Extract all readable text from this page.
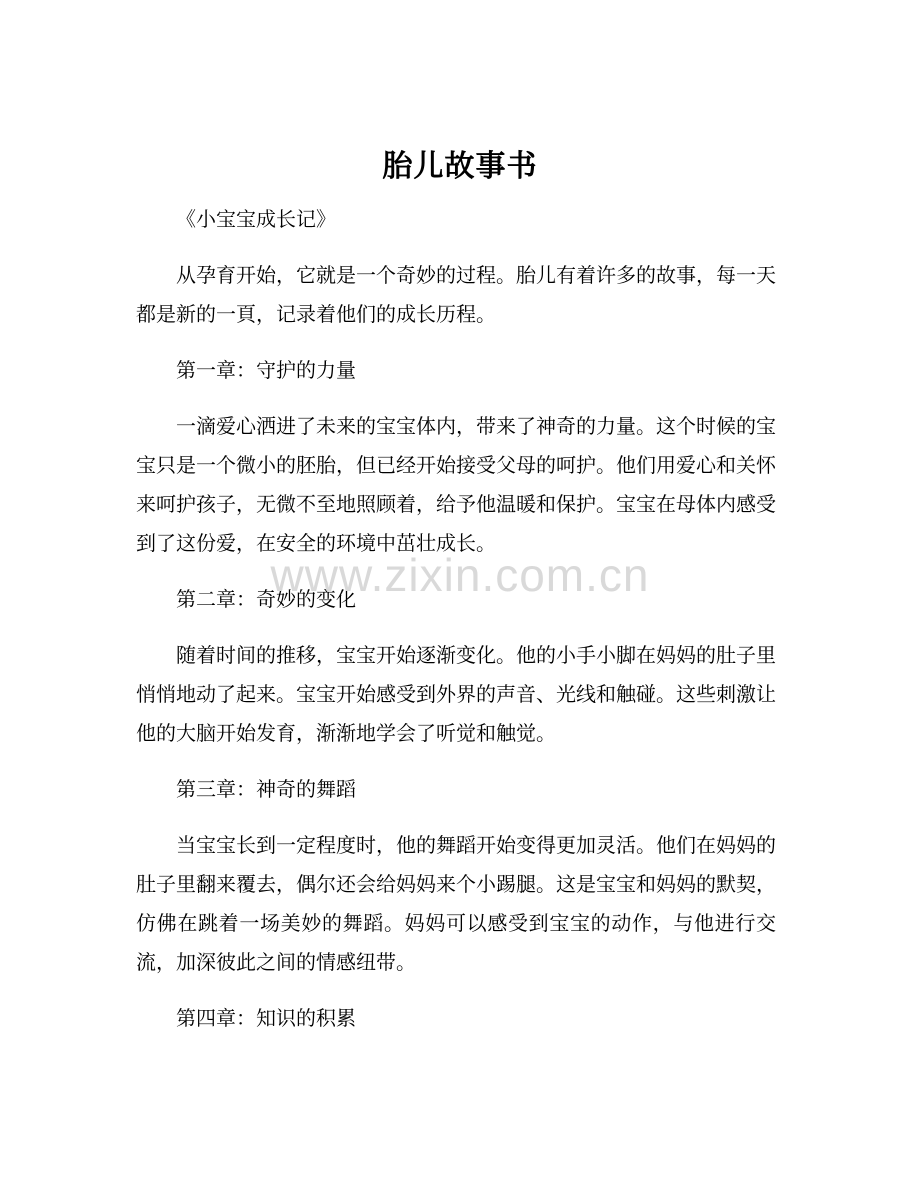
胎儿故事书

《小宝宝成长记》

从孕育开始，它就是一个奇妙的过程。胎儿有着许多的故事，每一天都是新的一頁，记录着他们的成长历程。

第一章：守护的力量

一滴爱心洒进了未来的宝宝体内，带来了神奇的力量。这个时候的宝宝只是一个微小的胚胎，但已经开始接受父母的呵护。他们用爱心和关怀来呵护孩子，无微不至地照顾着，给予他温暖和保护。宝宝在母体内感受到了这份爱，在安全的环境中茁壮成长。

第二章：奇妙的变化

随着时间的推移，宝宝开始逐渐变化。他的小手小脚在妈妈的肚子里悄悄地动了起来。宝宝开始感受到外界的声音、光线和触碰。这些刺激让他的大脑开始发育，渐渐地学会了听觉和触觉。

第三章：神奇的舞蹈

当宝宝长到一定程度时，他的舞蹈开始变得更加灵活。他们在妈妈的肚子里翻来覆去，偶尔还会给妈妈来个小踢腿。这是宝宝和妈妈的默契，仿佛在跳着一场美妙的舞蹈。妈妈可以感受到宝宝的动作，与他进行交流，加深彼此之间的情感纽带。

第四章：知识的积累

www.zixin.com.cn
